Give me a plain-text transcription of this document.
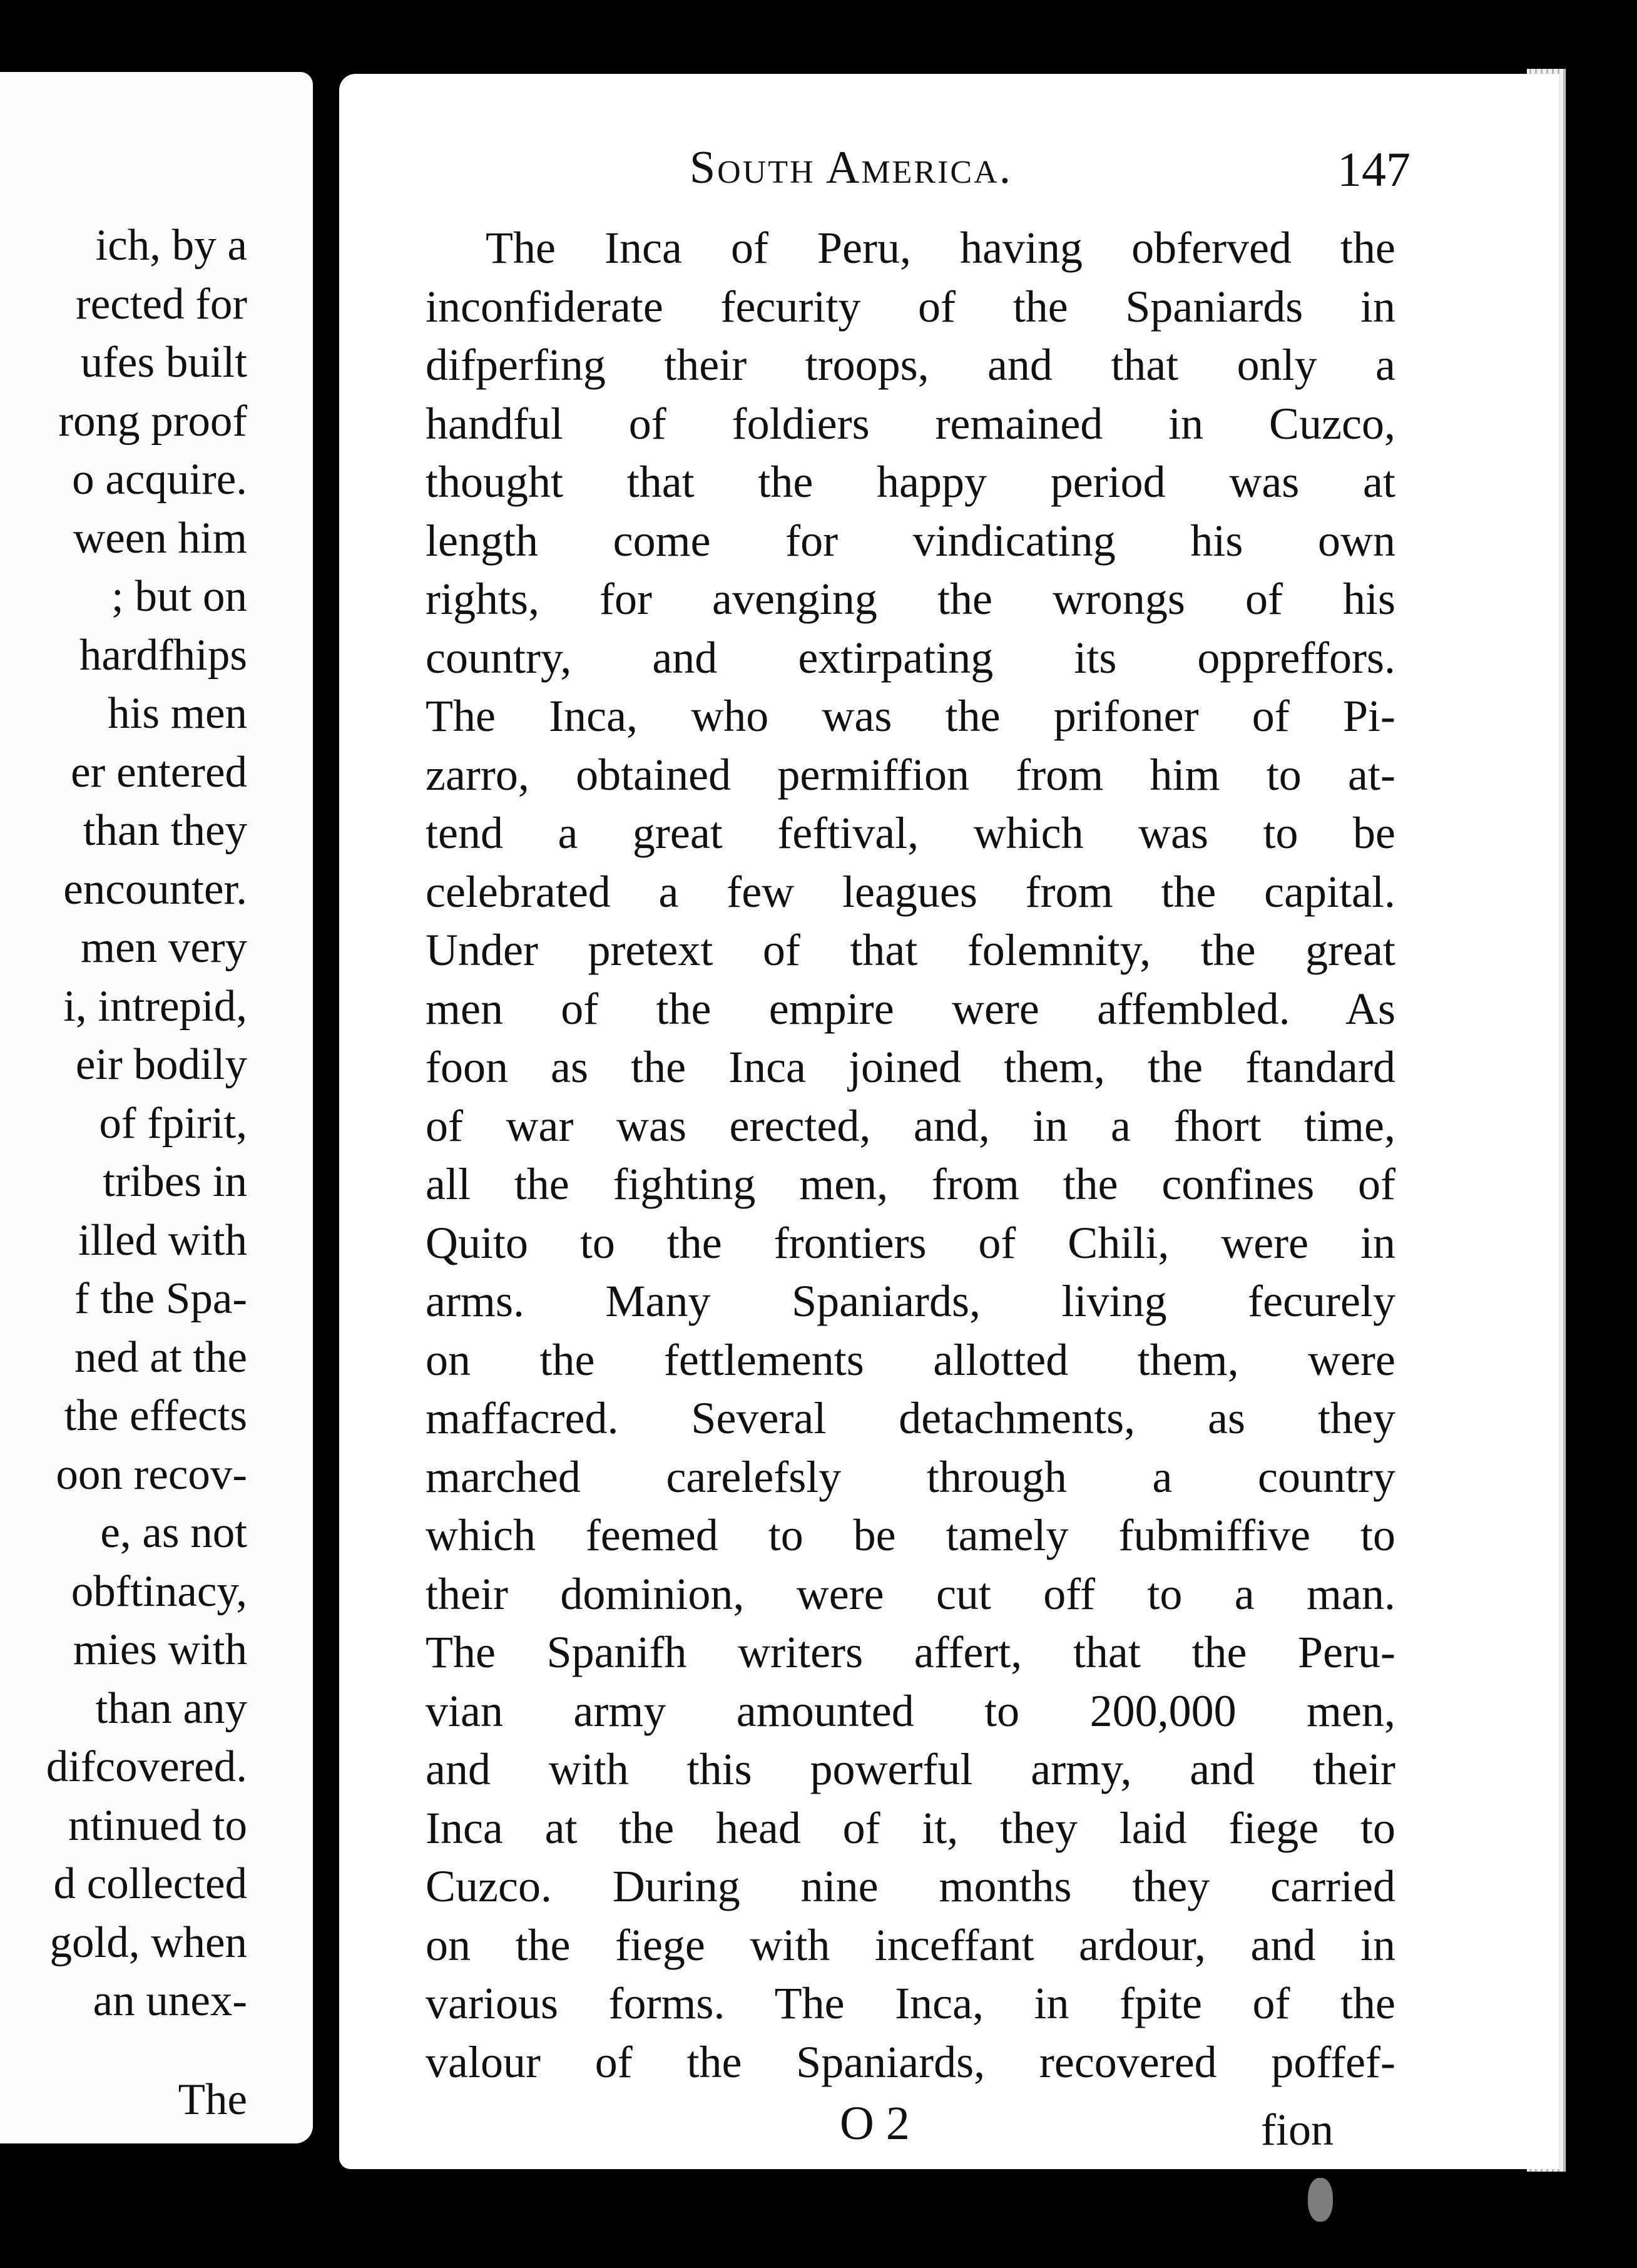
ich, by a
rected for
ufes built
rong proof
o acquire.
ween him
; but on
hardfhips
his men
er entered
than they
encounter.
men very
i, intrepid,
eir bodily
of fpirit,
tribes in
illed with
f the Spa-
ned at the
the effects
oon recov-
e, as not
obftinacy,
mies with
than any
difcovered.
ntinued to
d collected
gold, when
an unex-
The
South America.	147
The Inca of Peru, having obferved the
inconfiderate fecurity of the Spaniards in
difperfing their troops, and that only a
handful of foldiers remained in Cuzco,
thought that the happy period was at
length come for vindicating his own
rights, for avenging the wrongs of his
country, and extirpating its oppreffors.
The Inca, who was the prifoner of Pi-
zarro, obtained permiffion from him to at-
tend a great feftival, which was to be
celebrated a few leagues from the capital.
Under pretext of that folemnity, the great
men of the empire were affembled. As
foon as the Inca joined them, the ftandard
of war was erected, and, in a fhort time,
all the fighting men, from the confines of
Quito to the frontiers of Chili, were in
arms. Many Spaniards, living fecurely
on the fettlements allotted them, were
maffacred. Several detachments, as they
marched carelefsly through a country
which feemed to be tamely fubmiffive to
their dominion, were cut off to a man.
The Spanifh writers affert, that the Peru-
vian army amounted to 200,000 men,
and with this powerful army, and their
Inca at the head of it, they laid fiege to
Cuzco. During nine months they carried
on the fiege with inceffant ardour, and in
various forms. The Inca, in fpite of the
valour of the Spaniards, recovered poffef-
O 2	fion
